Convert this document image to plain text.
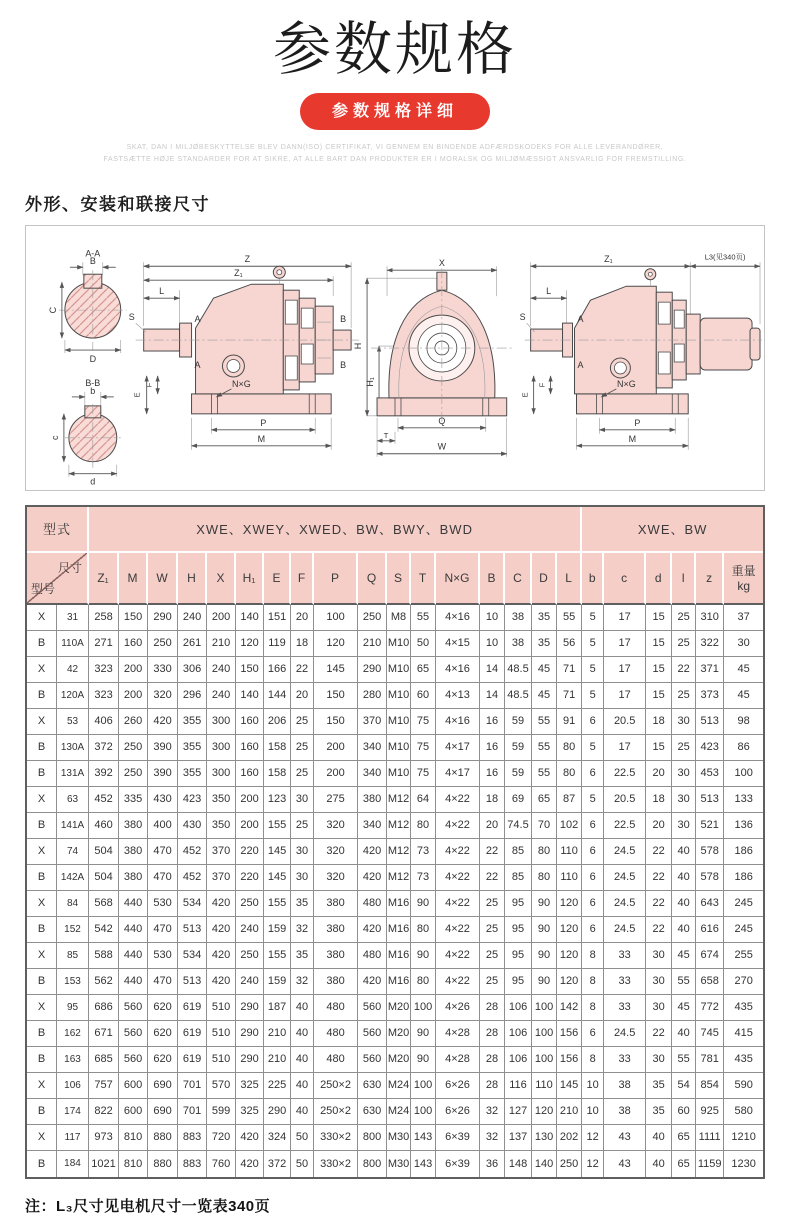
参数规格
参数规格详细
SKAT, DAN I MILJØBESKYTTELSE BLEV DANN(ISO) CERTIFIKAT, VI GENNEM EN BINDENDE ADFÆRDSKODEKS FOR ALLE LEVERANDØRER,
FASTSÆTTE HØJE STANDARDER FOR AT SIKRE, AT ALLE BART DAN PRODUKTER ER I MORALSK OG MILJØMÆSSIGT ANSVARLIG FOR FREMSTILLING.
外形、安装和联接尺寸
A-A
B
C
D
B-B
b
c
d
Z
Z₁
L
S	A
A
B
B
N×G
F
E
P
M
X
H
H₁
Q
T
W
Z₁	L3(见340页)
L
S	A
A
N×G
F
E
P
M
型式		XWE、XWEY、XWED、BW、BWY、BWD																	XWE、BW					

尺寸
型号

Z₁	M	W	H	X	H₁	E	F	P	Q	S	T	N×G	B	C	D	L	b	c	d	l	z	重量
kg

X	31	258	150	290	240	200	140	151	20	100	250	M8	55	4×16	10	38	35	55	5	17	15	25	310	37
B	110A	271	160	250	261	210	120	119	18	120	210	M10	50	4×15	10	38	35	56	5	17	15	25	322	30
X	42	323	200	330	306	240	150	166	22	145	290	M10	65	4×16	14	48.5	45	71	5	17	15	22	371	45
B	120A	323	200	320	296	240	140	144	20	150	280	M10	60	4×13	14	48.5	45	71	5	17	15	25	373	45
X	53	406	260	420	355	300	160	206	25	150	370	M10	75	4×16	16	59	55	91	6	20.5	18	30	513	98
B	130A	372	250	390	355	300	160	158	25	200	340	M10	75	4×17	16	59	55	80	5	17	15	25	423	86
B	131A	392	250	390	355	300	160	158	25	200	340	M10	75	4×17	16	59	55	80	6	22.5	20	30	453	100
X	63	452	335	430	423	350	200	123	30	275	380	M12	64	4×22	18	69	65	87	5	20.5	18	30	513	133
B	141A	460	380	400	430	350	200	155	25	320	340	M12	80	4×22	20	74.5	70	102	6	22.5	20	30	521	136
X	74	504	380	470	452	370	220	145	30	320	420	M12	73	4×22	22	85	80	110	6	24.5	22	40	578	186
B	142A	504	380	470	452	370	220	145	30	320	420	M12	73	4×22	22	85	80	110	6	24.5	22	40	578	186
X	84	568	440	530	534	420	250	155	35	380	480	M16	90	4×22	25	95	90	120	6	24.5	22	40	643	245
B	152	542	440	470	513	420	240	159	32	380	420	M16	80	4×22	25	95	90	120	6	24.5	22	40	616	245
X	85	588	440	530	534	420	250	155	35	380	480	M16	90	4×22	25	95	90	120	8	33	30	45	674	255
B	153	562	440	470	513	420	240	159	32	380	420	M16	80	4×22	25	95	90	120	8	33	30	55	658	270
X	95	686	560	620	619	510	290	187	40	480	560	M20	100	4×26	28	106	100	142	8	33	30	45	772	435
B	162	671	560	620	619	510	290	210	40	480	560	M20	90	4×28	28	106	100	156	6	24.5	22	40	745	415
B	163	685	560	620	619	510	290	210	40	480	560	M20	90	4×28	28	106	100	156	8	33	30	55	781	435
X	106	757	600	690	701	570	325	225	40	250×2	630	M24	100	6×26	28	116	110	145	10	38	35	54	854	590
B	174	822	600	690	701	599	325	290	40	250×2	630	M24	100	6×26	32	127	120	210	10	38	35	60	925	580
X	117	973	810	880	883	720	420	324	50	330×2	800	M30	143	6×39	32	137	130	202	12	43	40	65	1111	1210
B	184	1021	810	880	883	760	420	372	50	330×2	800	M30	143	6×39	36	148	140	250	12	43	40	65	1159	1230
注：L₃尺寸见电机尺寸一览表340页
